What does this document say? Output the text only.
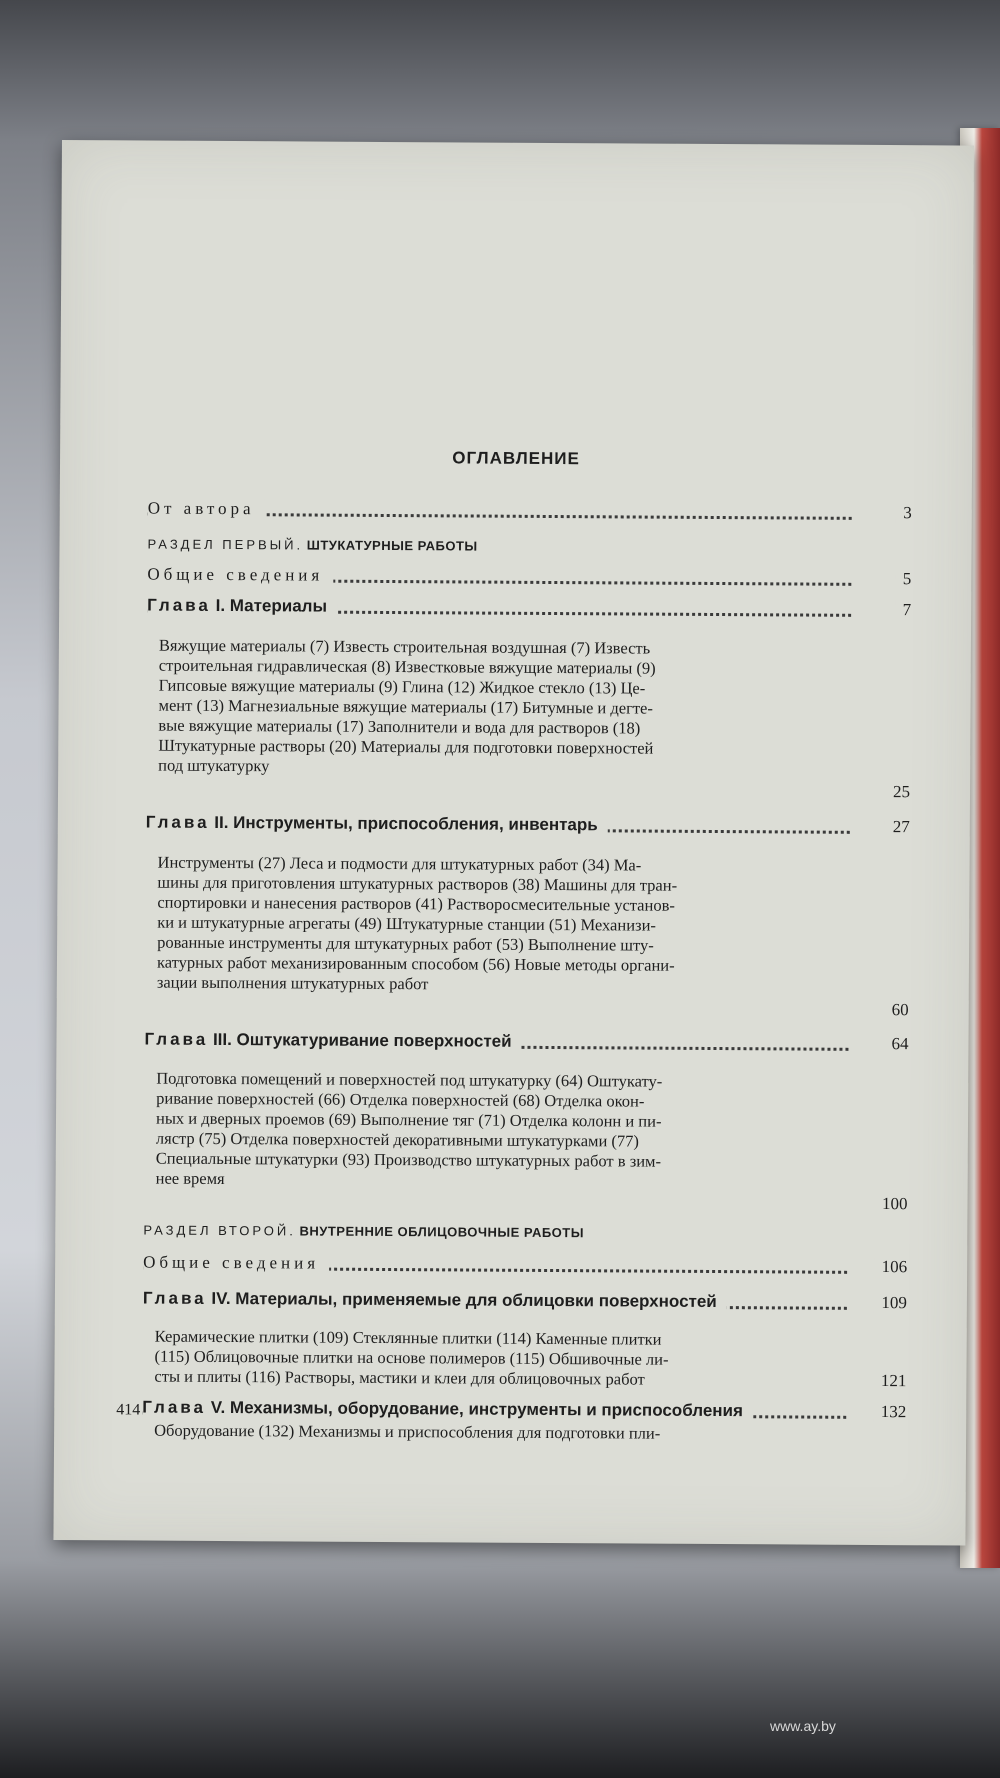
ОГЛАВЛЕНИЕ
От автора	3
РАЗДЕЛ ПЕРВЫЙ. ШТУКАТУРНЫЕ РАБОТЫ
Общие сведения	5
Глава I. Материалы	7
Вяжущие материалы (7) Известь строительная воздушная (7) Известь
строительная гидравлическая (8) Известковые вяжущие материалы (9)
Гипсовые вяжущие материалы (9) Глина (12) Жидкое стекло (13) Це-
мент (13) Магнезиальные вяжущие материалы (17) Битумные и дегте-
вые вяжущие материалы (17) Заполнители и вода для растворов (18)
Штукатурные растворы (20) Материалы для подготовки поверхностей
под штукатурку
25
Глава II. Инструменты, приспособления, инвентарь	27
Инструменты (27) Леса и подмости для штукатурных работ (34) Ма-
шины для приготовления штукатурных растворов (38) Машины для тран-
спортировки и нанесения растворов (41) Растворосмесительные установ-
ки и штукатурные агрегаты (49) Штукатурные станции (51) Механизи-
рованные инструменты для штукатурных работ (53) Выполнение шту-
катурных работ механизированным способом (56) Новые методы органи-
зации выполнения штукатурных работ
60
Глава III. Оштукатуривание поверхностей	64
Подготовка помещений и поверхностей под штукатурку (64) Оштукату-
ривание поверхностей (66) Отделка поверхностей (68) Отделка окон-
ных и дверных проемов (69) Выполнение тяг (71) Отделка колонн и пи-
лястр (75) Отделка поверхностей декоративными штукатурками (77)
Специальные штукатурки (93) Производство штукатурных работ в зим-
нее время
100
РАЗДЕЛ ВТОРОЙ. ВНУТРЕННИЕ ОБЛИЦОВОЧНЫЕ РАБОТЫ
Общие сведения	106
Глава IV. Материалы, применяемые для облицовки поверхностей	109
Керамические плитки (109) Стеклянные плитки (114) Каменные плитки
(115) Облицовочные плитки на основе полимеров (115) Обшивочные ли-
сты и плиты (116) Растворы, мастики и клеи для облицовочных работ	121
Глава V. Механизмы, оборудование, инструменты и приспособления	132
Оборудование (132) Механизмы и приспособления для подготовки пли-
414
www.ay.by
